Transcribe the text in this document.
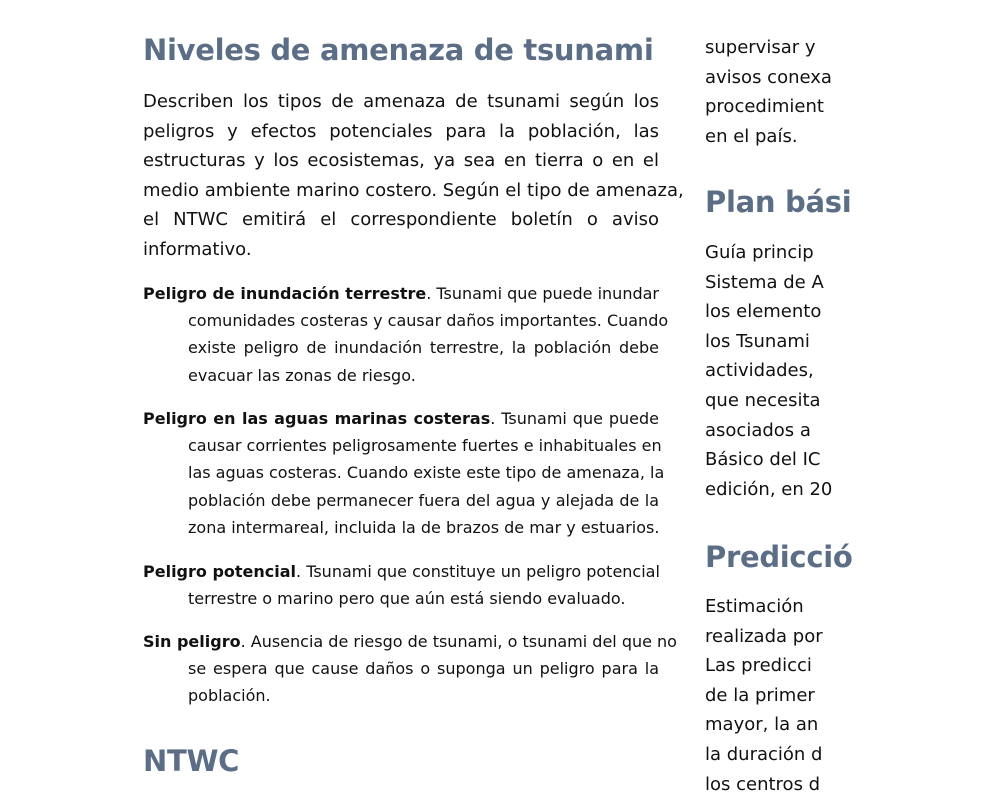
Niveles de amenaza de tsunami

Describen los tipos de amenaza de tsunami según los
peligros y efectos potenciales para la población, las
estructuras y los ecosistemas, ya sea en tierra o en el
medio ambiente marino costero. Según el tipo de amenaza,
el NTWC emitirá el correspondiente boletín o aviso
informativo.

Peligro de inundación terrestre. Tsunami que puede inundar
comunidades costeras y causar daños importantes. Cuando
existe peligro de inundación terrestre, la población debe
evacuar las zonas de riesgo.
Peligro en las aguas marinas costeras. Tsunami que puede
causar corrientes peligrosamente fuertes e inhabituales en
las aguas costeras. Cuando existe este tipo de amenaza, la
población debe permanecer fuera del agua y alejada de la
zona intermareal, incluida la de brazos de mar y estuarios.
Peligro potencial. Tsunami que constituye un peligro potencial
terrestre o marino pero que aún está siendo evaluado.
Sin peligro. Ausencia de riesgo de tsunami, o tsunami del que no
se espera que cause daños o suponga un peligro para la
población.
NTWC

supervisar y
avisos conexa
procedimient
en el país.

Plan bási

Guía princip
Sistema de A
los elemento
los Tsunami
actividades,
que necesita
asociados a
Básico del IC
edición, en 20

Predicció

Estimación
realizada por
Las predicci
de la primer
mayor, la an
la duración d
los centros d
